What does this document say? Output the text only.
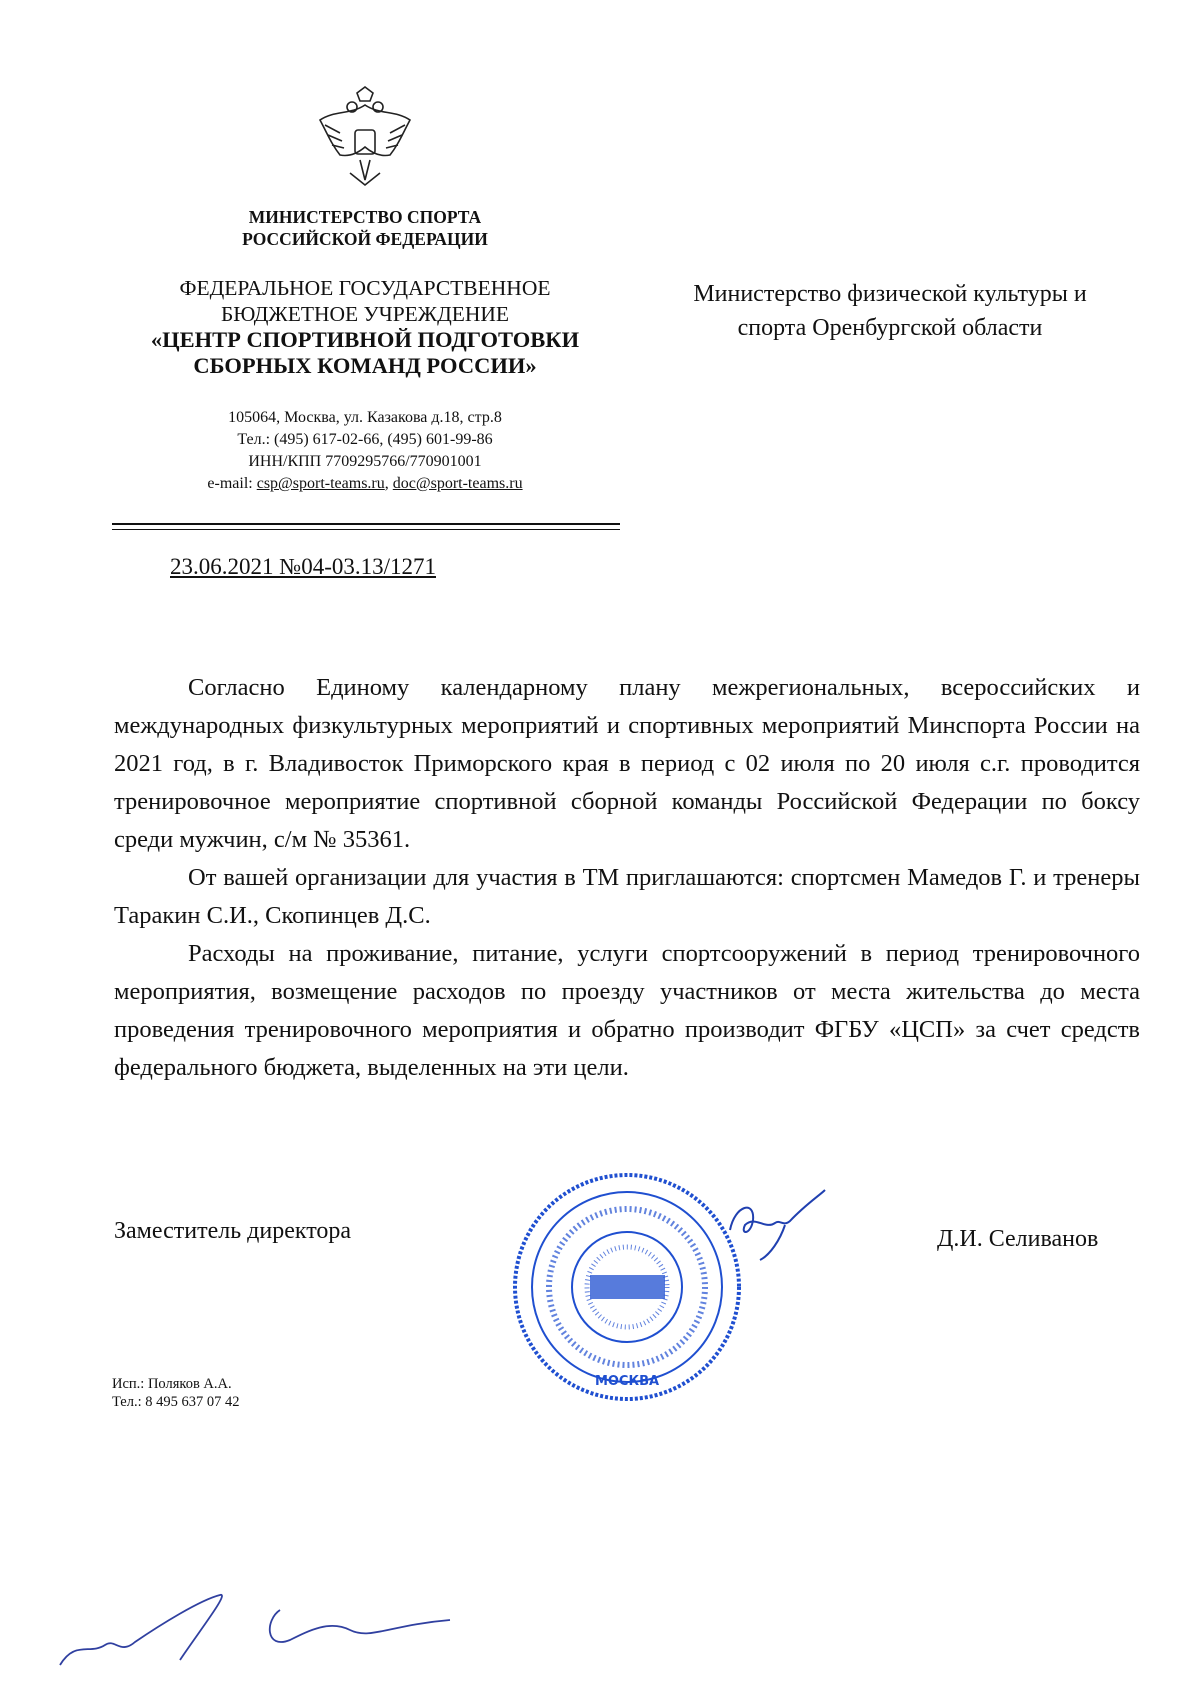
МИНИСТЕРСТВО СПОРТА
РОССИЙСКОЙ ФЕДЕРАЦИИ
ФЕДЕРАЛЬНОЕ ГОСУДАРСТВЕННОЕ
БЮДЖЕТНОЕ УЧРЕЖДЕНИЕ
«ЦЕНТР СПОРТИВНОЙ ПОДГОТОВКИ
СБОРНЫХ КОМАНД РОССИИ»
105064, Москва, ул. Казакова д.18, стр.8
Тел.: (495) 617-02-66, (495) 601-99-86
ИНН/КПП 7709295766/770901001
e-mail: csp@sport-teams.ru, doc@sport-teams.ru
23.06.2021 №04-03.13/1271
Министерство физической культуры и
спорта Оренбургской области

Согласно Единому календарному плану межрегиональных, всероссийских и международных физкультурных мероприятий и спортивных мероприятий Минспорта России на 2021 год, в г. Владивосток Приморского края в период с 02 июля по 20 июля с.г. проводится тренировочное мероприятие спортивной сборной команды Российской Федерации по боксу среди мужчин, с/м № 35361.

От вашей организации для участия в ТМ приглашаются: спортсмен Мамедов Г. и тренеры Таракин С.И., Скопинцев Д.С.

Расходы на проживание, питание, услуги спортсооружений в период тренировочного мероприятия, возмещение расходов по проезду участников от места жительства до места проведения тренировочного мероприятия и обратно производит ФГБУ «ЦСП» за счет средств федерального бюджета, выделенных на эти цели.

Заместитель директора
МОСКВА
Д.И. Селиванов
Исп.: Поляков А.А.
Тел.: 8 495 637 07 42
